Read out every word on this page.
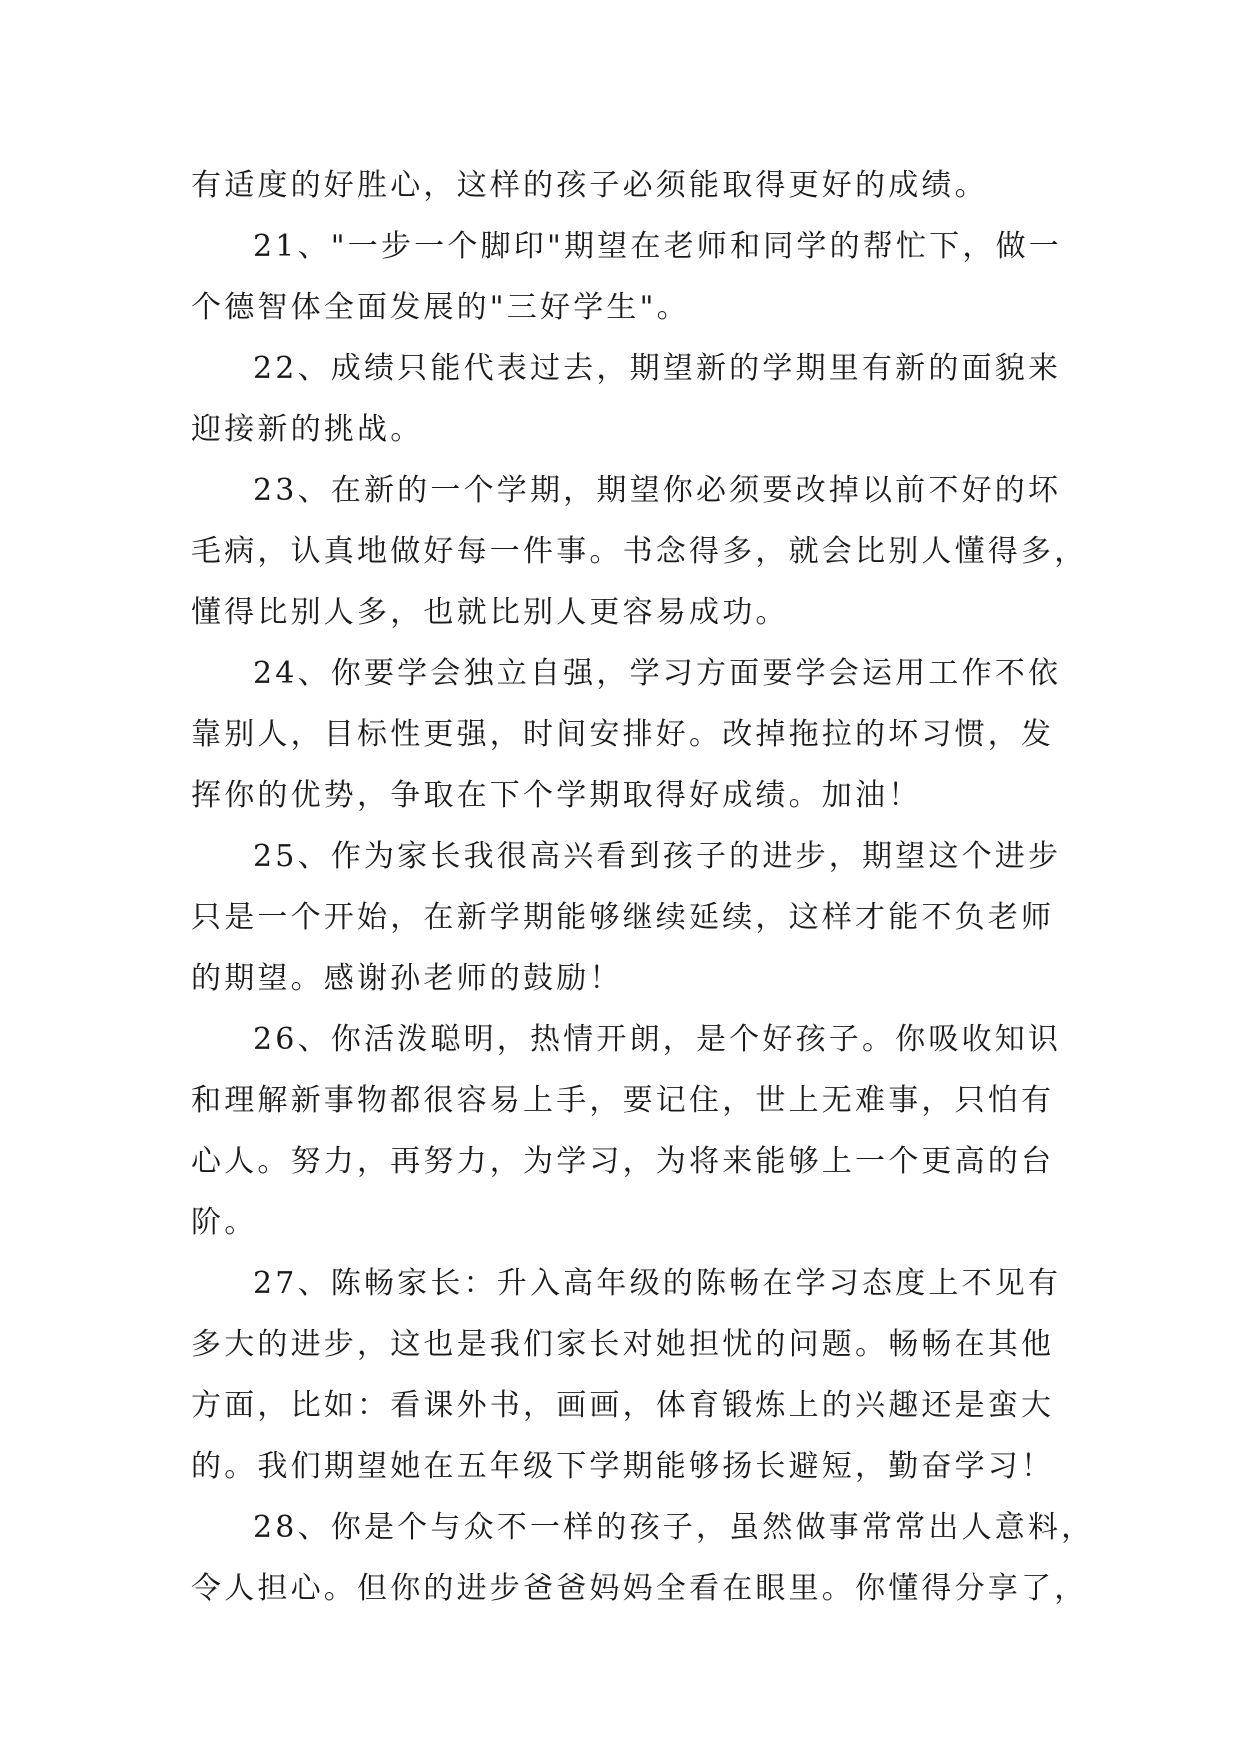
有适度的好胜心，这样的孩子必须能取得更好的成绩。
21、"一步一个脚印"期望在老师和同学的帮忙下，做一
个德智体全面发展的"三好学生"。
22、成绩只能代表过去，期望新的学期里有新的面貌来
迎接新的挑战。
23、在新的一个学期，期望你必须要改掉以前不好的坏
毛病，认真地做好每一件事。书念得多，就会比别人懂得多，
懂得比别人多，也就比别人更容易成功。
24、你要学会独立自强，学习方面要学会运用工作不依
靠别人，目标性更强，时间安排好。改掉拖拉的坏习惯，发
挥你的优势，争取在下个学期取得好成绩。加油！
25、作为家长我很高兴看到孩子的进步，期望这个进步
只是一个开始，在新学期能够继续延续，这样才能不负老师
的期望。感谢孙老师的鼓励！
26、你活泼聪明，热情开朗，是个好孩子。你吸收知识
和理解新事物都很容易上手，要记住，世上无难事，只怕有
心人。努力，再努力，为学习，为将来能够上一个更高的台
阶。
27、陈畅家长：升入高年级的陈畅在学习态度上不见有
多大的进步，这也是我们家长对她担忧的问题。畅畅在其他
方面，比如：看课外书，画画，体育锻炼上的兴趣还是蛮大
的。我们期望她在五年级下学期能够扬长避短，勤奋学习！
28、你是个与众不一样的孩子，虽然做事常常出人意料，
令人担心。但你的进步爸爸妈妈全看在眼里。你懂得分享了，
